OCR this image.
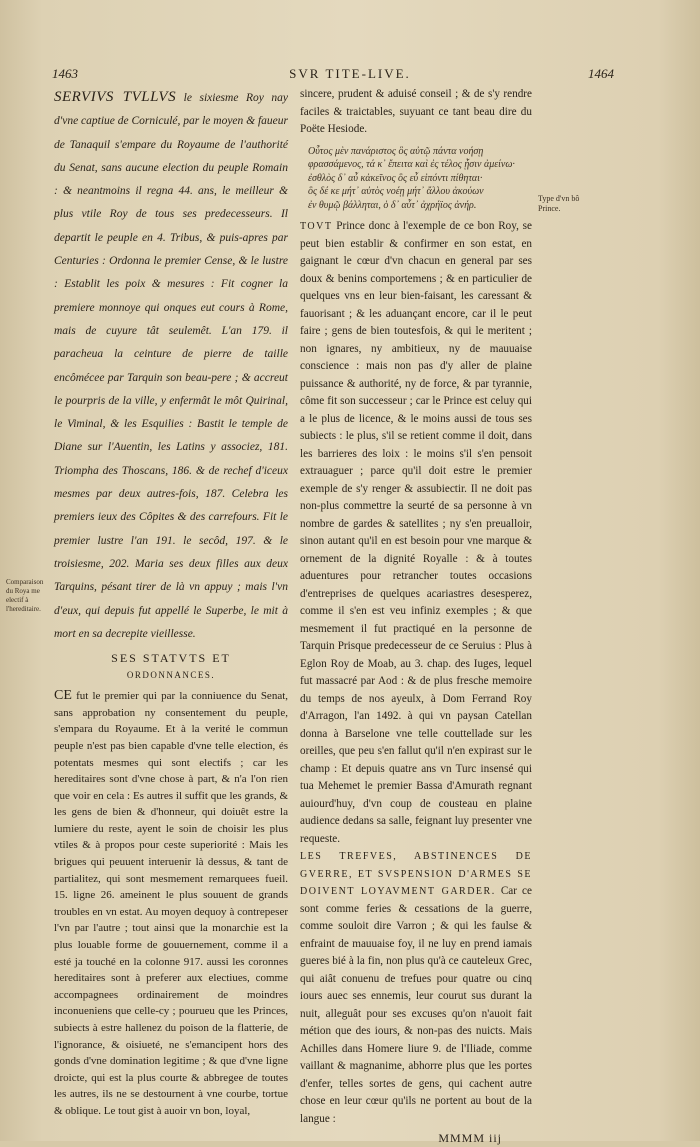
1463	SVR TITE-LIVE.	1464
SERVIVS TVLLVS le sixiesme Roy nay d'vne captiue de Corniculé, par le moyen & faueur de Tanaquil s'empare du Royaume de l'authorité du Senat, sans aucune election du peuple Romain : & neantmoins il regna 44. ans, le meilleur & plus vtile Roy de tous ses predecesseurs. Il departit le peuple en 4. Tribus, & puis-apres par Centuries : Ordonna le premier Cense, & le lustre : Establit les poix & mesures : Fit cogner la premiere monnoye qui onques eut cours à Rome, mais de cuyure tât seulemêt. L'an 179. il paracheua la ceinture de pierre de taille encômécee par Tarquin son beau-pere ; & accreut le pourpris de la ville, y enfermât le môt Quirinal, le Viminal, & les Esquilies : Bastit le temple de Diane sur l'Auentin, les Latins y associez, 181. Triompha des Thoscans, 186. & de rechef d'iceux mesmes par deux autres-fois, 187. Celebra les premiers ieux des Côpites & des carrefours. Fit le premier lustre l'an 191. le secôd, 197. & le troisiesme, 202. Maria ses deux filles aux deux Tarquins, pésant tirer de là vn appuy ; mais l'vn d'eux, qui depuis fut appellé le Superbe, le mit à mort en sa decrepite vieillesse.
SES STATVTS ET
ORDONNANCES.
CE fut le premier qui par la conniuence du Senat, sans approbation ny consentement du peuple, s'empara du Royaume. Et à la verité le commun peuple n'est pas bien capable d'vne telle election, és potentats mesmes qui sont electifs ; car les hereditaires sont d'vne chose à part, & n'a l'on rien que voir en cela : Es autres il suffit que les grands, & les gens de bien & d'honneur, qui doiuêt estre la lumiere du reste, ayent le soin de choisir les plus vtiles & à propos pour ceste superiorité : Mais les brigues qui peuuent interuenir là dessus, & tant de partialitez, qui sont mesmement remarquees fueil. 15. ligne 26. ameinent le plus souuent de grands troubles en vn estat. Au moyen dequoy à contrepeser l'vn par l'autre ; tout ainsi que la monarchie est la plus louable forme de gouuernement, comme il a esté ja touché en la colonne 917. aussi les coronnes hereditaires sont à preferer aux electiues, comme accompagnees ordinairement de moindres inconueniens que celle-cy ; pourueu que les Princes, subiects à estre hallenez du poison de la flatterie, de l'ignorance, & oisiueté, ne s'emancipent hors des gonds d'vne domination legitime ; & que d'vne ligne droicte, qui est la plus courte & abbregee de toutes les autres, ils ne se destournent à vne courbe, tortue & oblique. Le tout gist à auoir vn bon, loyal,
sincere, prudent & aduisé conseil ; & de s'y rendre faciles & traictables, suyuant ce tant beau dire du Poëte Hesiode.
Οὗτος μὲν πανάριστος ὃς αὐτῷ πάντα νοήσῃ
φρασσάμενος, τά κ᾽ ἔπειτα καὶ ἐς τέλος ᾖσιν ἀμείνω·
ἐσθλὸς δ᾽ αὖ κἀκεῖνος ὃς εὖ εἰπόντι πίθηται·
ὃς δέ κε μήτ᾽ αὐτὸς νοέῃ μήτ᾽ ἄλλου ἀκούων
ἐν θυμῷ βάλληται, ὁ δ᾽ αὖτ᾽ ἀχρήϊος ἀνήρ.
TOVT Prince donc à l'exemple de ce bon Roy, se peut bien establir & confirmer en son estat, en gaignant le cœur d'vn chacun en general par ses doux & benins comportemens ; & en particulier de quelques vns en leur bien-faisant, les caressant & fauorisant ; & les aduançant encore, car il le peut faire ; gens de bien toutesfois, & qui le meritent ; non ignares, ny ambitieux, ny de mauuaise conscience : mais non pas d'y aller de plaine puissance & authorité, ny de force, & par tyrannie, côme fit son successeur ; car le Prince est celuy qui a le plus de licence, & le moins aussi de tous ses subiects : le plus, s'il se retient comme il doit, dans les barrieres des loix : le moins s'il s'en pensoit extrauaguer ; parce qu'il doit estre le premier exemple de s'y renger & assubiectir. Il ne doit pas non-plus commettre la seurté de sa personne à vn nombre de gardes & satellites ; ny s'en preualloir, sinon autant qu'il en est besoin pour vne marque & ornement de la dignité Royalle : & à toutes aduentures pour retrancher toutes occasions d'entreprises de quelques acariastres desesperez, comme il s'en est veu infiniz exemples ; & que mesmement il fut practiqué en la personne de Tarquin Prisque predecesseur de ce Seruius : Plus à Eglon Roy de Moab, au 3. chap. des Iuges, lequel fut massacré par Aod : & de plus fresche memoire du temps de nos ayeulx, à Dom Ferrand Roy d'Arragon, l'an 1492. à qui vn paysan Catellan donna à Barselone vne telle couttellade sur les oreilles, que peu s'en fallut qu'il n'en expirast sur le champ : Et depuis quatre ans vn Turc insensé qui tua Mehemet le premier Bassa d'Amurath regnant auiourd'huy, d'vn coup de cousteau en plaine audience dedans sa salle, feignant luy presenter vne requeste.
LES TREFVES, ABSTINENCES DE GVERRE, ET SVSPENSION D'ARMES SE DOIVENT LOYAVMENT GARDER. Car ce sont comme feries & cessations de la guerre, comme souloit dire Varron ; & qui les faulse & enfraint de mauuaise foy, il ne luy en prend iamais gueres bié à la fin, non plus qu'à ce cauteleux Grec, qui aiât conuenu de trefues pour quatre ou cinq iours auec ses ennemis, leur courut sus durant la nuit, alleguât pour ses excuses qu'on n'auoit fait métion que des iours, & non-pas des nuicts. Mais Achilles dans Homere liure 9. de l'Iliade, comme vaillant & magnanime, abhorre plus que les portes d'enfer, telles sortes de gens, qui cachent autre chose en leur cœur qu'ils ne portent au bout de la langue :
MMMM iij
Comparaison du Roya me electif à l'hereditaire.
Type d'vn bô Prince.
